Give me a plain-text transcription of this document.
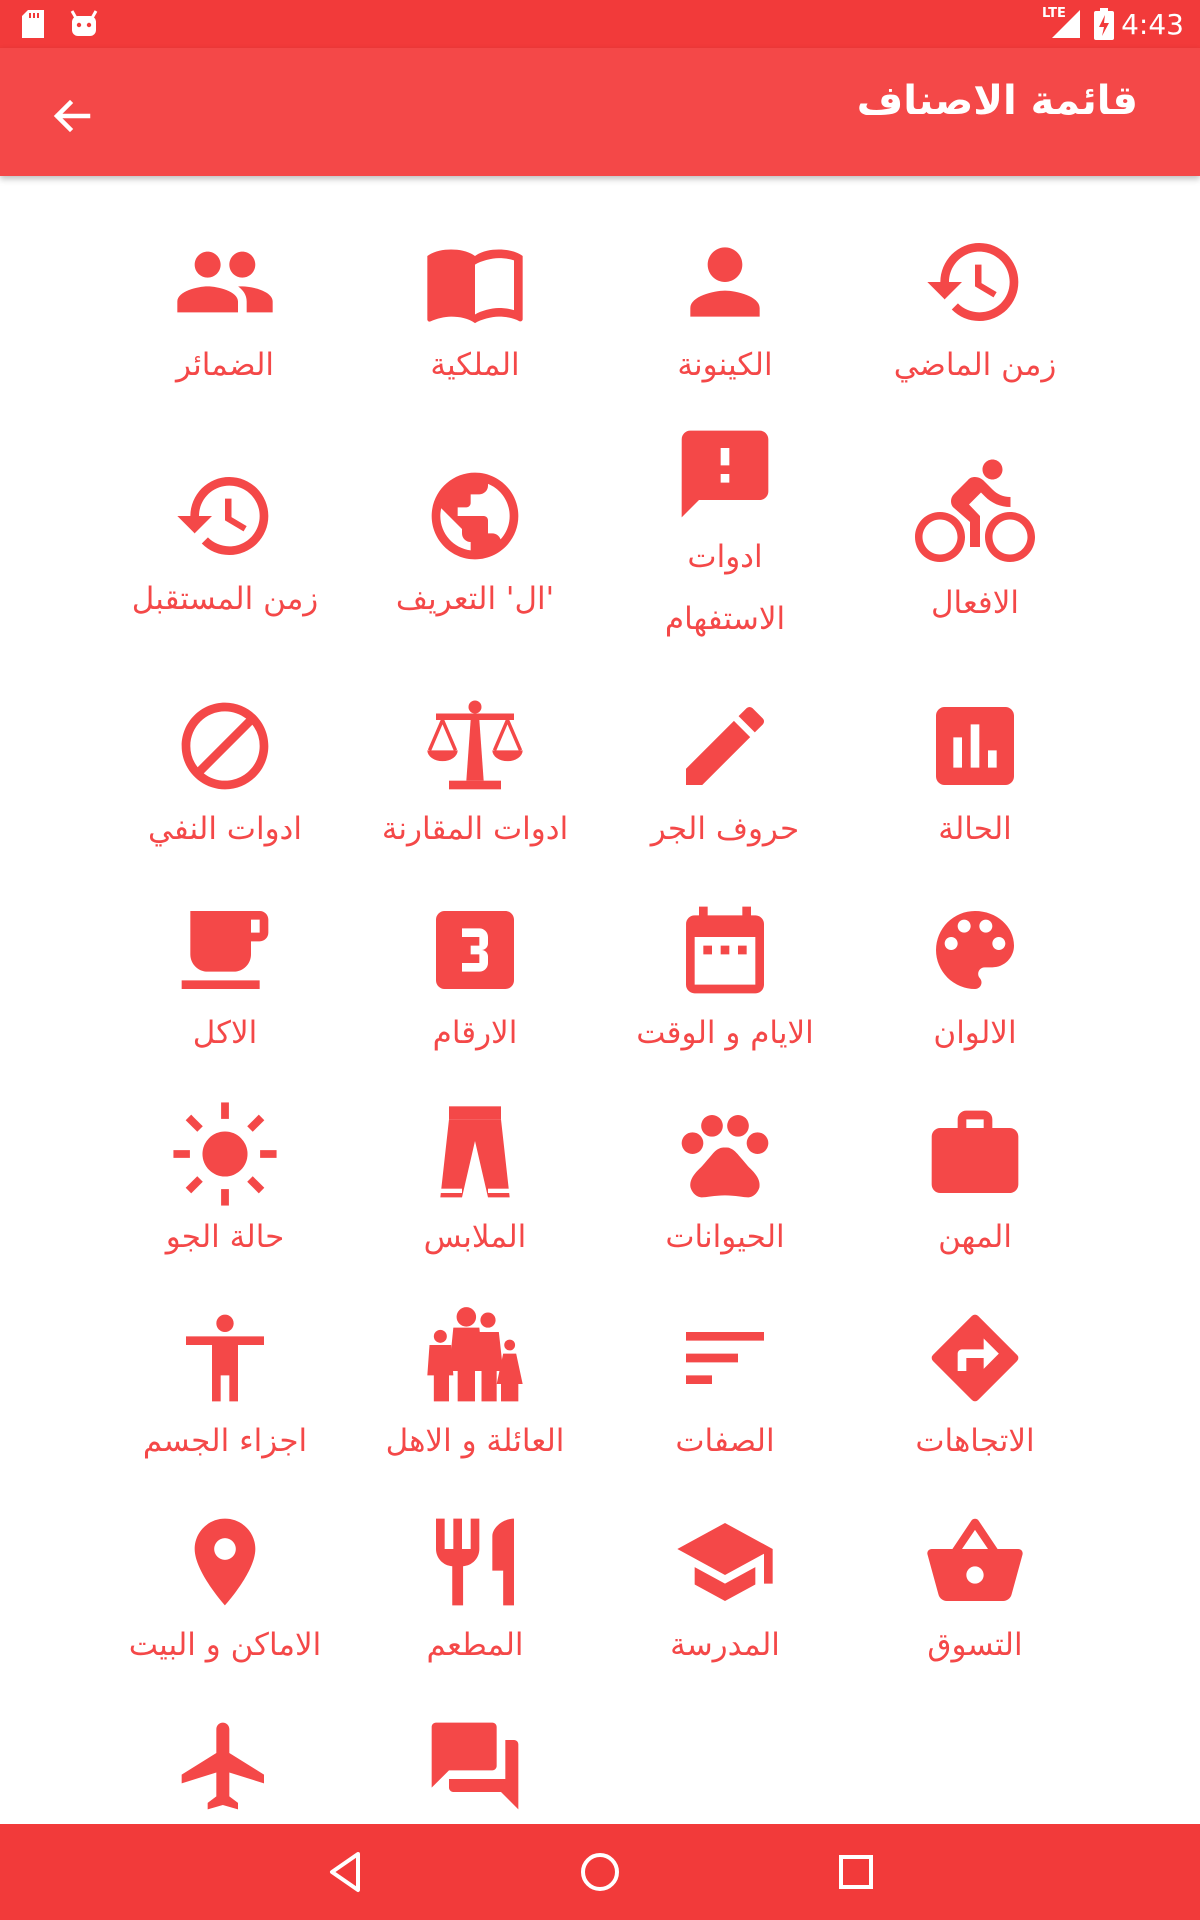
LTE 4:43
قائمة الاصناف
زمن الماضي
الكينونة
الملكية
الضمائر
الافعال
ادوات الاستفهام
'ال' التعريف
زمن المستقبل
الحالة
حروف الجر
ادوات المقارنة
ادوات النفي
الالوان
الايام و الوقت
الارقام
الاكل
المهن
الحيوانات
الملابس
حالة الجو
الاتجاهات
الصفات
العائلة و الاهل
اجزاء الجسم
التسوق
المدرسة
المطعم
الاماكن و البيت
